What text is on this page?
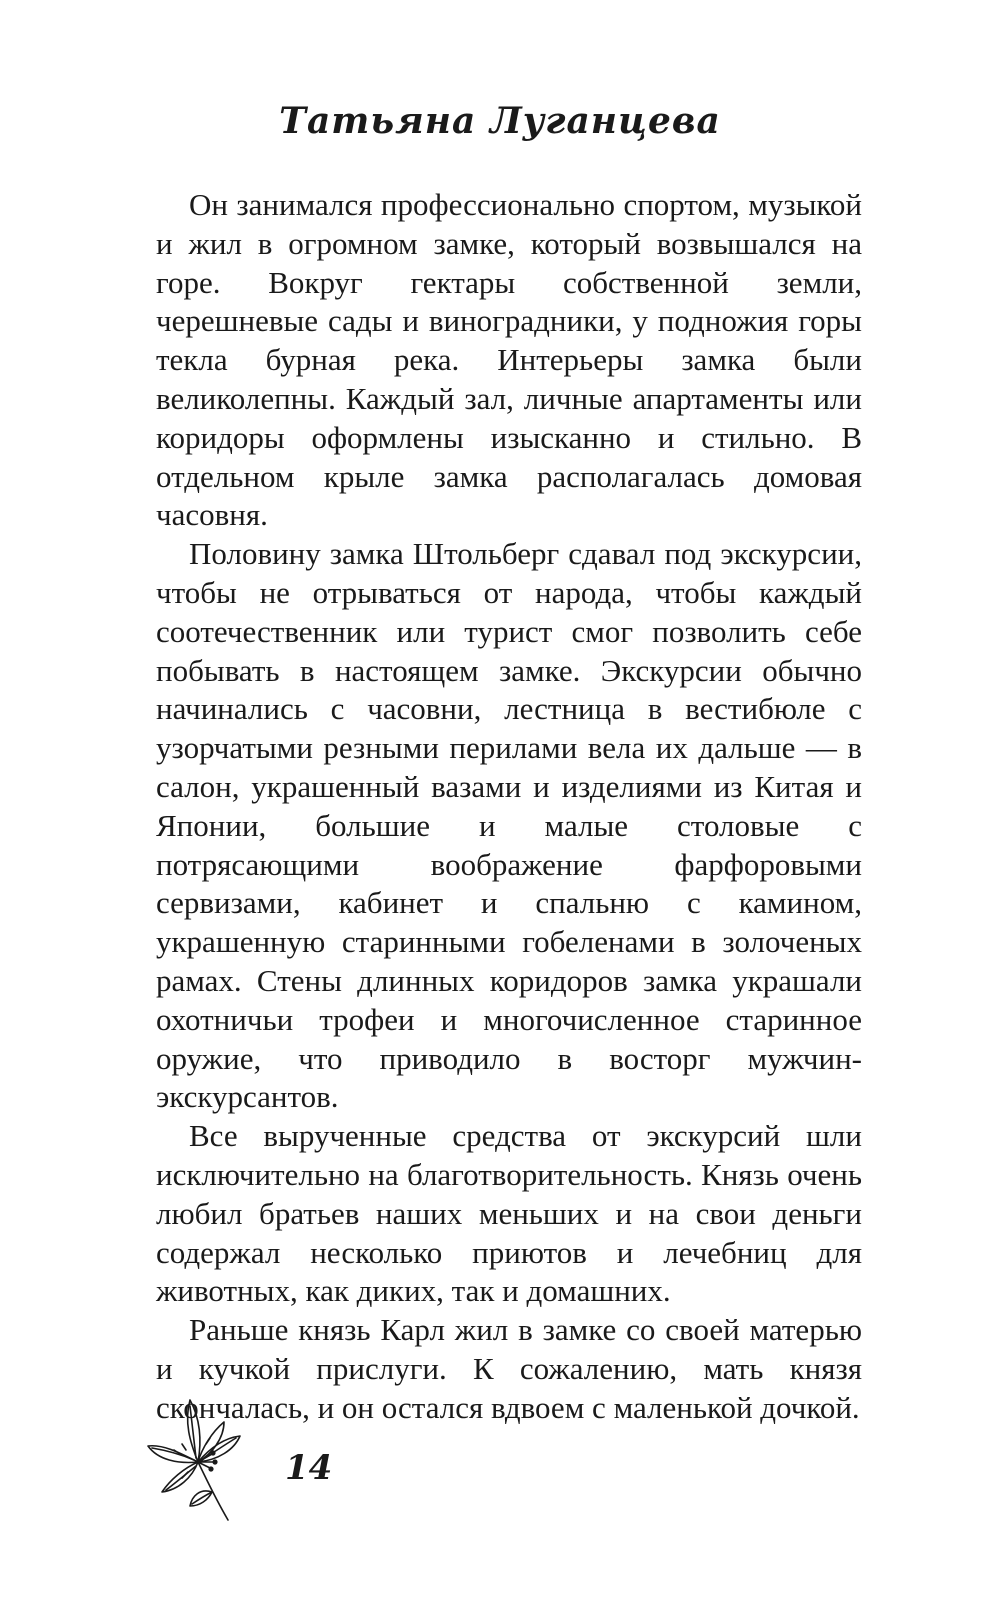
Татьяна Луганцева

Он занимался профессионально спортом, музыкой и жил в огромном замке, который возвышался на горе. Вокруг гектары собственной земли, черешневые сады и виноградники, у подножия горы текла бурная река. Интерьеры замка были великолепны. Каждый зал, личные апартаменты или коридоры оформлены изысканно и стильно. В отдельном крыле замка располагалась домовая часовня.

Половину замка Штольберг сдавал под экскурсии, чтобы не отрываться от народа, чтобы каждый соотечественник или турист смог позволить себе побывать в настоящем замке. Экскурсии обычно начинались с часовни, лестница в вестибюле с узорчатыми резными перилами вела их дальше — в салон, украшенный вазами и изделиями из Китая и Японии, большие и малые столовые с потрясающими воображение фарфоровыми сервизами, кабинет и спальню с камином, украшенную старинными гобеленами в золоченых рамах. Стены длинных коридоров замка украшали охотничьи трофеи и многочисленное старинное оружие, что приводило в восторг мужчин-экскурсантов.

Все вырученные средства от экскурсий шли исключительно на благотворительность. Князь очень любил братьев наших меньших и на свои деньги содержал несколько приютов и лечебниц для животных, как диких, так и домашних.

Раньше князь Карл жил в замке со своей матерью и кучкой прислуги. К сожалению, мать князя скончалась, и он остался вдвоем с маленькой дочкой.

14
